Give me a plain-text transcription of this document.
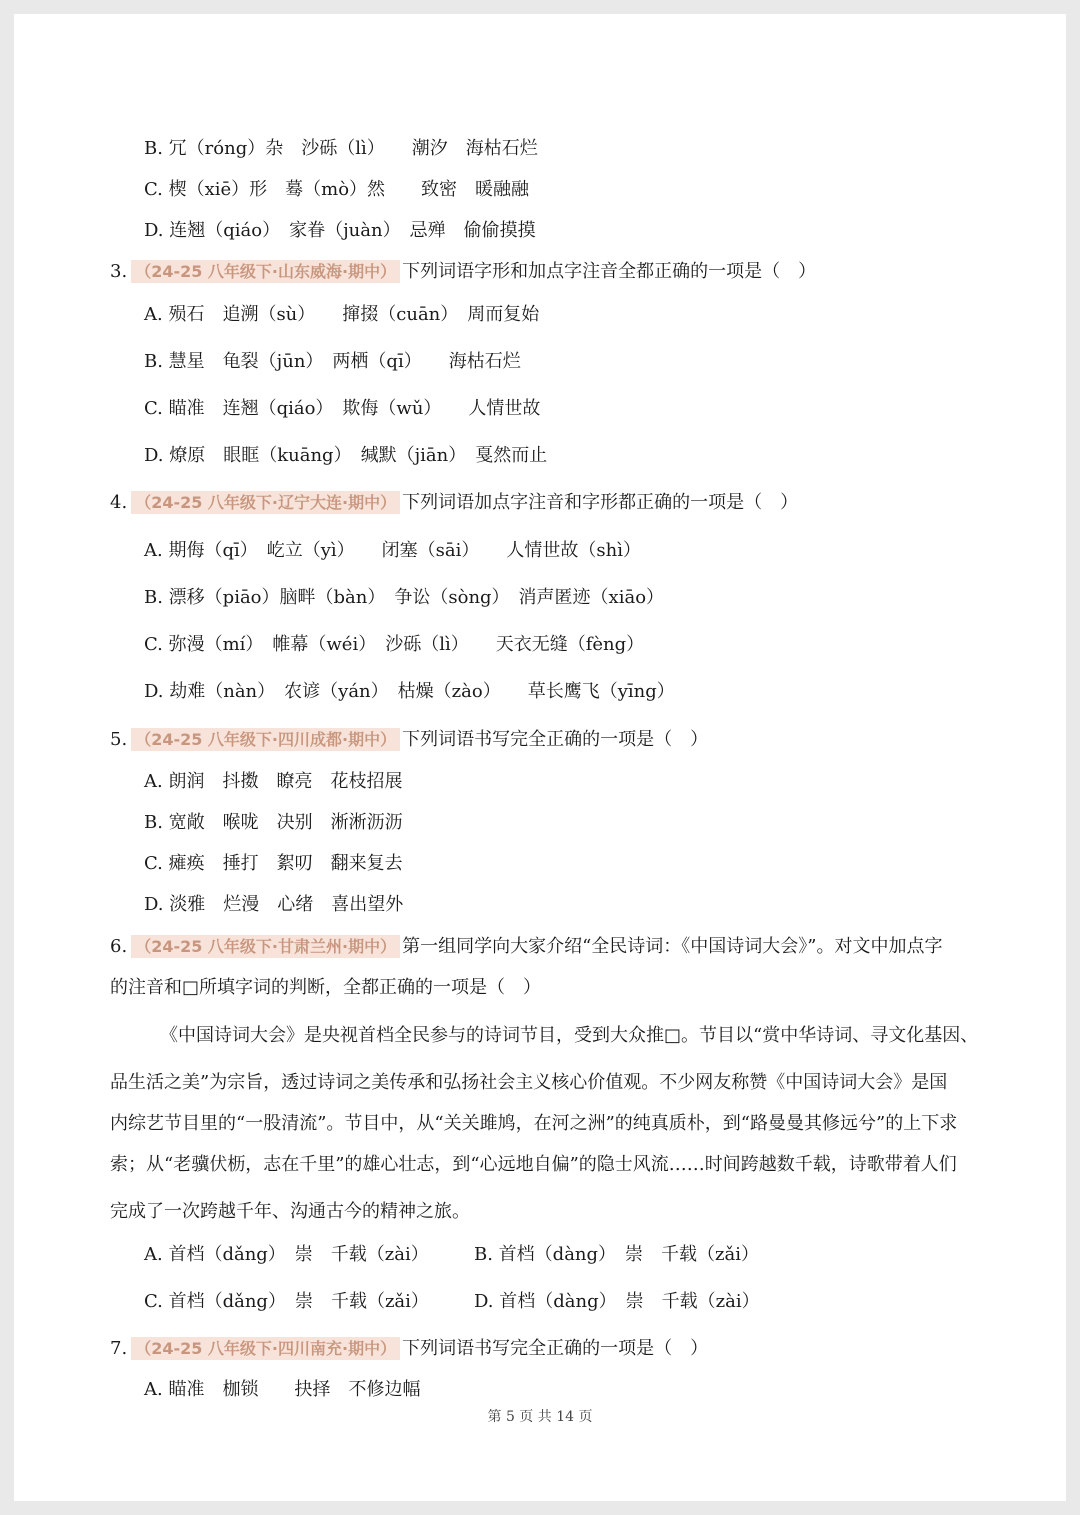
B. 冗（róng）杂　沙砾（lì）　　潮汐　海枯石烂
C. 楔（xiē）形　蓦（mò）然　　致密　暖融融
D. 连翘（qiáo）　家眷（juàn）　忌殚　偷偷摸摸
3. （24-25 八年级下·山东威海·期中） 下列词语字形和加点字注音全都正确的一项是（　）
A. 殒石　追溯（sù）　　撺掇（cuān）　周而复始
B. 慧星　龟裂（jūn）　两栖（qī）　　海枯石烂
C. 瞄准　连翘（qiáo）　欺侮（wǔ）　　人情世故
D. 燎原　眼眶（kuāng）　缄默（jiān）　戛然而止
4. （24-25 八年级下·辽宁大连·期中） 下列词语加点字注音和字形都正确的一项是（　）
A. 期侮（qī）　屹立（yì）　　闭塞（sāi）　　人情世故（shì）
B. 漂移（piāo）脑畔（bàn）　争讼（sòng）　消声匿迹（xiāo）
C. 弥漫（mí）　帷幕（wéi）　沙砾（lì）　　天衣无缝（fèng）
D. 劫难（nàn）　农谚（yán）　枯燥（zào）　　草长鹰飞（yīng）
5. （24-25 八年级下·四川成都·期中） 下列词语书写完全正确的一项是（　）
A. 朗润　抖擞　瞭亮　花枝招展
B. 宽敞　喉咙　决别　淅淅沥沥
C. 瘫痪　捶打　絮叨　翻来复去
D. 淡雅　烂漫　心绪　喜出望外
6. （24-25 八年级下·甘肃兰州·期中） 第一组同学向大家介绍“全民诗词：《中国诗词大会》”。对文中加点字
的注音和□所填字词的判断，全都正确的一项是（　）
《中国诗词大会》是央视首档全民参与的诗词节目，受到大众推□。节目以“赏中华诗词、寻文化基因、
品生活之美”为宗旨，透过诗词之美传承和弘扬社会主义核心价值观。不少网友称赞《中国诗词大会》是国
内综艺节目里的“一股清流”。节目中，从“关关雎鸠，在河之洲”的纯真质朴，到“路曼曼其修远兮”的上下求
索；从“老骥伏枥，志在千里”的雄心壮志，到“心远地自偏”的隐士风流……时间跨越数千载，诗歌带着人们
完成了一次跨越千年、沟通古今的精神之旅。
A. 首档（dǎng）　崇　千载（zài）	B. 首档（dàng）　崇　千载（zǎi）
C. 首档（dǎng）　崇　千载（zǎi）	D. 首档（dàng）　崇　千载（zài）
7. （24-25 八年级下·四川南充·期中） 下列词语书写完全正确的一项是（　）
A. 瞄准　枷锁　　抉择　不修边幅
第 5 页 共 14 页
